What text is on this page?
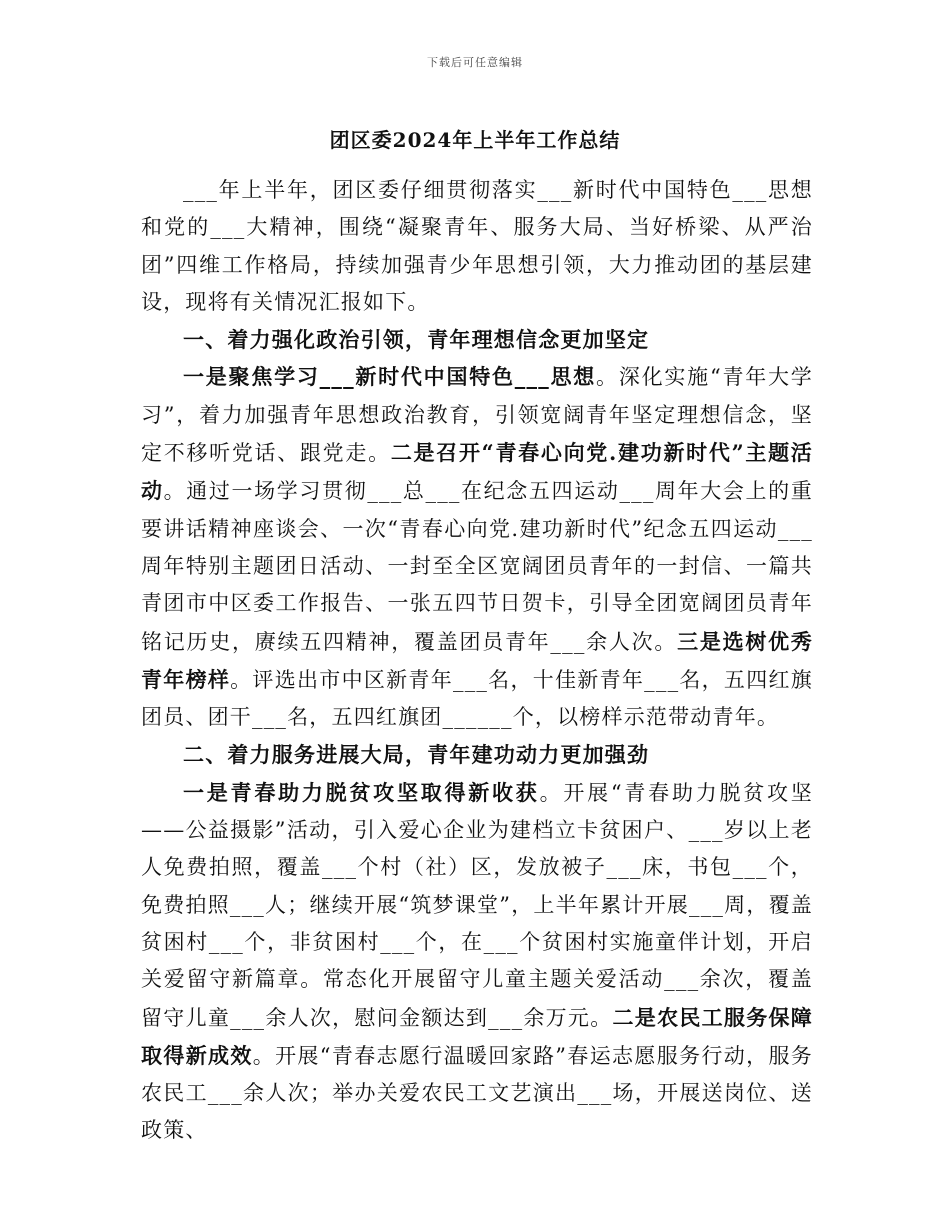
下载后可任意编辑
团区委2024年上半年工作总结

___年上半年，团区委仔细贯彻落实___新时代中国特色___思想和党的___大精神，围绕“凝聚青年、服务大局、当好桥梁、从严治团”四维工作格局，持续加强青少年思想引领，大力推动团的基层建设，现将有关情况汇报如下。

一、着力强化政治引领，青年理想信念更加坚定

一是聚焦学习___新时代中国特色___思想。深化实施“青年大学习”，着力加强青年思想政治教育，引领宽阔青年坚定理想信念，坚定不移听党话、跟党走。二是召开“青春心向党.建功新时代”主题活动。通过一场学习贯彻___总___在纪念五四运动___周年大会上的重要讲话精神座谈会、一次“青春心向党.建功新时代”纪念五四运动___周年特别主题团日活动、一封至全区宽阔团员青年的一封信、一篇共青团市中区委工作报告、一张五四节日贺卡，引导全团宽阔团员青年铭记历史，赓续五四精神，覆盖团员青年___余人次。三是选树优秀青年榜样。评选出市中区新青年___名，十佳新青年___名，五四红旗团员、团干___名，五四红旗团______个，以榜样示范带动青年。

二、着力服务进展大局，青年建功动力更加强劲

一是青春助力脱贫攻坚取得新收获。开展“青春助力脱贫攻坚——公益摄影”活动，引入爱心企业为建档立卡贫困户、___岁以上老人免费拍照，覆盖___个村（社）区，发放被子___床，书包___个，免费拍照___人；继续开展“筑梦课堂”，上半年累计开展___周，覆盖贫困村___个，非贫困村___个，在___个贫困村实施童伴计划，开启关爱留守新篇章。常态化开展留守儿童主题关爱活动___余次，覆盖留守儿童___余人次，慰问金额达到___余万元。二是农民工服务保障取得新成效。开展“青春志愿行温暖回家路”春运志愿服务行动，服务农民工___余人次；举办关爱农民工文艺演出___场，开展送岗位、送政策、
